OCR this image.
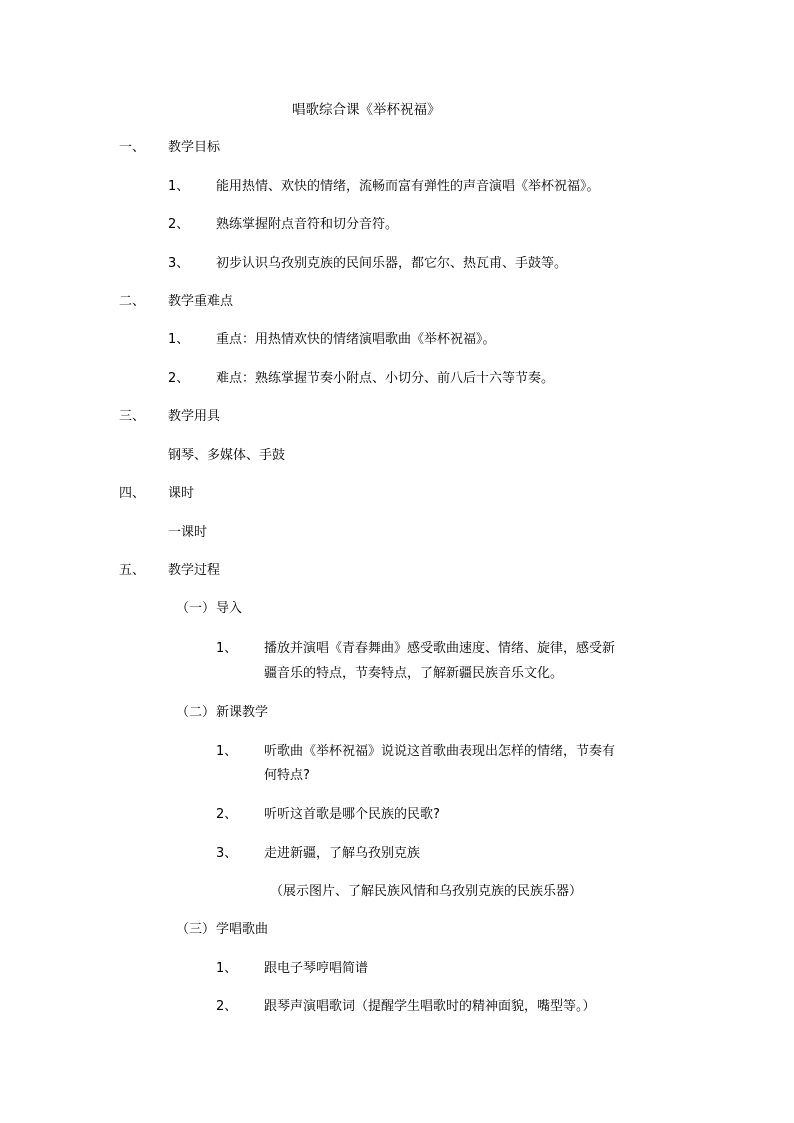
唱歌综合课《举杯祝福》
一、 教学目标
1、 能用热情、欢快的情绪，流畅而富有弹性的声音演唱《举杯祝福》。
2、 熟练掌握附点音符和切分音符。
3、 初步认识乌孜别克族的民间乐器，都它尔、热瓦甫、手鼓等。
二、 教学重难点
1、 重点：用热情欢快的情绪演唱歌曲《举杯祝福》。
2、 难点：熟练掌握节奏小附点、小切分、前八后十六等节奏。
三、 教学用具
钢琴、多媒体、手鼓
四、 课时
一课时
五、 教学过程
（一） 导入
1、 播放并演唱《青春舞曲》感受歌曲速度、情绪、旋律，感受新
疆音乐的特点，节奏特点，了解新疆民族音乐文化。
（二） 新课教学
1、 听歌曲《举杯祝福》说说这首歌曲表现出怎样的情绪，节奏有
何特点?
2、 听听这首歌是哪个民族的民歌?
3、 走进新疆，了解乌孜别克族
（展示图片、了解民族风情和乌孜别克族的民族乐器）
（三） 学唱歌曲
1、 跟电子琴哼唱简谱
2、 跟琴声演唱歌词（提醒学生唱歌时的精神面貌，嘴型等。）
